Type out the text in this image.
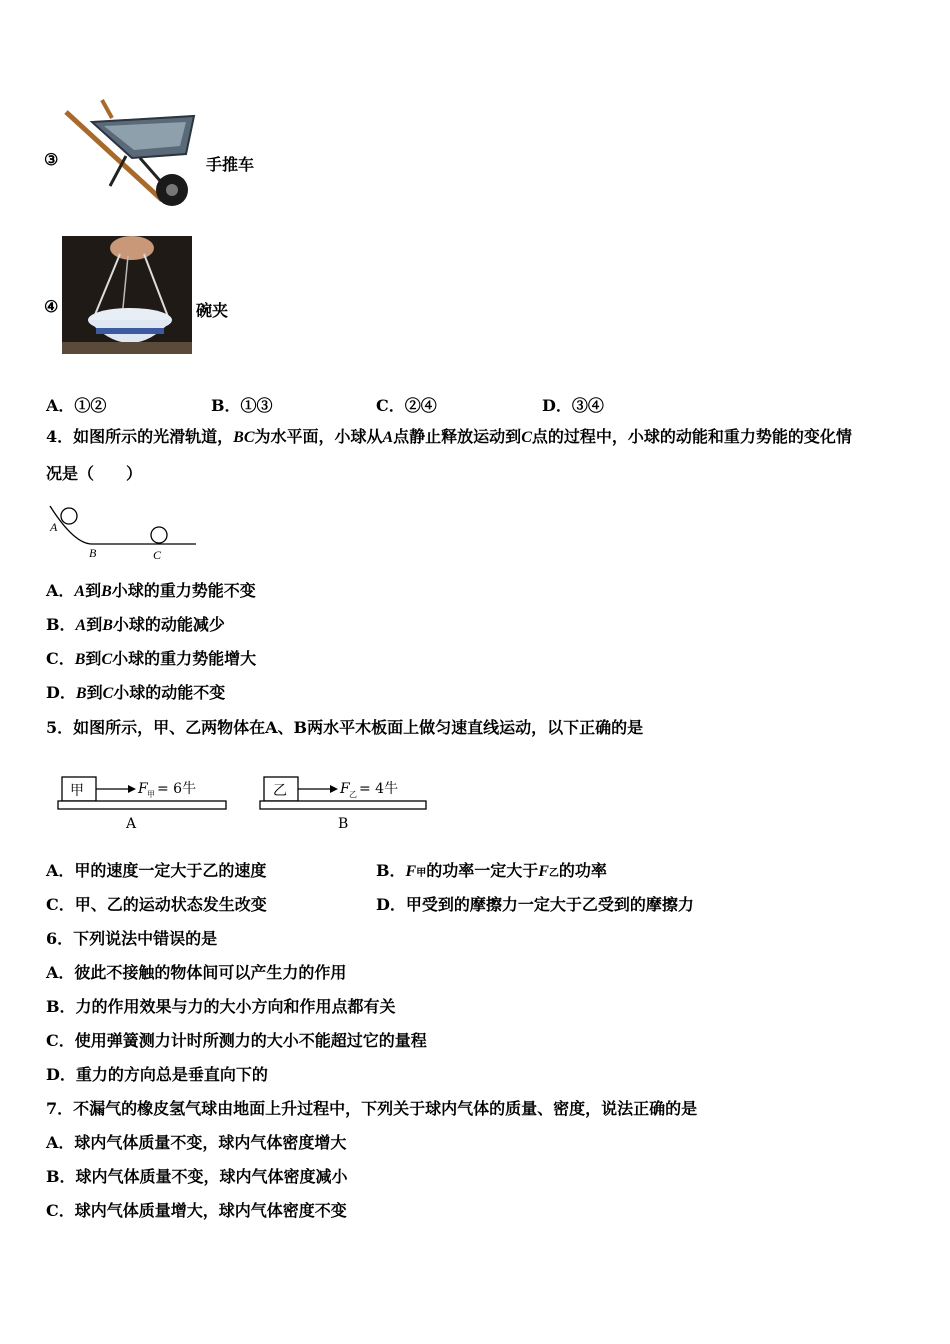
③	手推车
④	碗夹
A．①②	B．①③	C．②④	D．③④
4．如图所示的光滑轨道，BC为水平面，小球从A点静止释放运动到C点的过程中，小球的动能和重力势能的变化情
况是（　　）
A
B	C
A．A到B小球的重力势能不变
B．A到B小球的动能减少
C．B到C小球的重力势能增大
D．B到C小球的动能不变
5．如图所示，甲、乙两物体在A、B两水平木板面上做匀速直线运动，以下正确的是
甲	F 甲 = 6牛
A
乙	F 乙 = 4牛
B
A．甲的速度一定大于乙的速度	B．F甲的功率一定大于F乙的功率
C．甲、乙的运动状态发生改变	D．甲受到的摩擦力一定大于乙受到的摩擦力
6．下列说法中错误的是
A．彼此不接触的物体间可以产生力的作用
B．力的作用效果与力的大小方向和作用点都有关
C．使用弹簧测力计时所测力的大小不能超过它的量程
D．重力的方向总是垂直向下的
7．不漏气的橡皮氢气球由地面上升过程中，下列关于球内气体的质量、密度，说法正确的是
A．球内气体质量不变，球内气体密度增大
B．球内气体质量不变，球内气体密度减小
C．球内气体质量增大，球内气体密度不变
